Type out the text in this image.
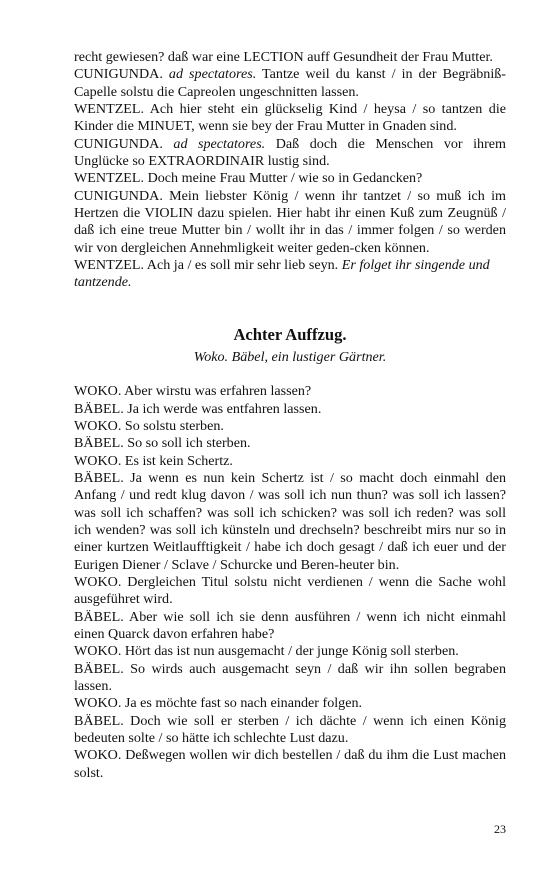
recht gewiesen? daß war eine LECTION auff Gesundheit der Frau Mutter.

CUNIGUNDA. ad spectatores. Tantze weil du kanst / in der Begräbniß-Capelle solstu die Capreolen ungeschnitten lassen.

WENTZEL. Ach hier steht ein glückselig Kind / heysa / so tantzen die Kinder die MINUET, wenn sie bey der Frau Mutter in Gnaden sind.

CUNIGUNDA. ad spectatores. Daß doch die Menschen vor ihrem Unglücke so EXTRAORDINAIR lustig sind.

WENTZEL. Doch meine Frau Mutter / wie so in Gedancken?

CUNIGUNDA. Mein liebster König / wenn ihr tantzet / so muß ich im Hertzen die VIOLIN dazu spielen. Hier habt ihr einen Kuß zum Zeugnüß / daß ich eine treue Mutter bin / wollt ihr in das / immer folgen / so werden wir von dergleichen Annehmligkeit weiter geden-cken können.

WENTZEL. Ach ja / es soll mir sehr lieb seyn. Er folget ihr singende und tantzende.

Achter Auffzug.

Woko. Bäbel, ein lustiger Gärtner.

WOKO. Aber wirstu was erfahren lassen?

BÄBEL. Ja ich werde was entfahren lassen.

WOKO. So solstu sterben.

BÄBEL. So so soll ich sterben.

WOKO. Es ist kein Schertz.

BÄBEL. Ja wenn es nun kein Schertz ist / so macht doch einmahl den Anfang / und redt klug davon / was soll ich nun thun? was soll ich lassen? was soll ich schaffen? was soll ich schicken? was soll ich reden? was soll ich wenden? was soll ich künsteln und drechseln? beschreibt mirs nur so in einer kurtzen Weitlaufftigkeit / habe ich doch gesagt / daß ich euer und der Eurigen Diener / Sclave / Schurcke und Beren-heuter bin.

WOKO. Dergleichen Titul solstu nicht verdienen / wenn die Sache wohl ausgeführet wird.

BÄBEL. Aber wie soll ich sie denn ausführen / wenn ich nicht einmahl einen Quarck davon erfahren habe?

WOKO. Hört das ist nun ausgemacht / der junge König soll sterben.

BÄBEL. So wirds auch ausgemacht seyn / daß wir ihn sollen begraben lassen.

WOKO. Ja es möchte fast so nach einander folgen.

BÄBEL. Doch wie soll er sterben / ich dächte / wenn ich einen König bedeuten solte / so hätte ich schlechte Lust dazu.

WOKO. Deßwegen wollen wir dich bestellen / daß du ihm die Lust machen solst.

23
